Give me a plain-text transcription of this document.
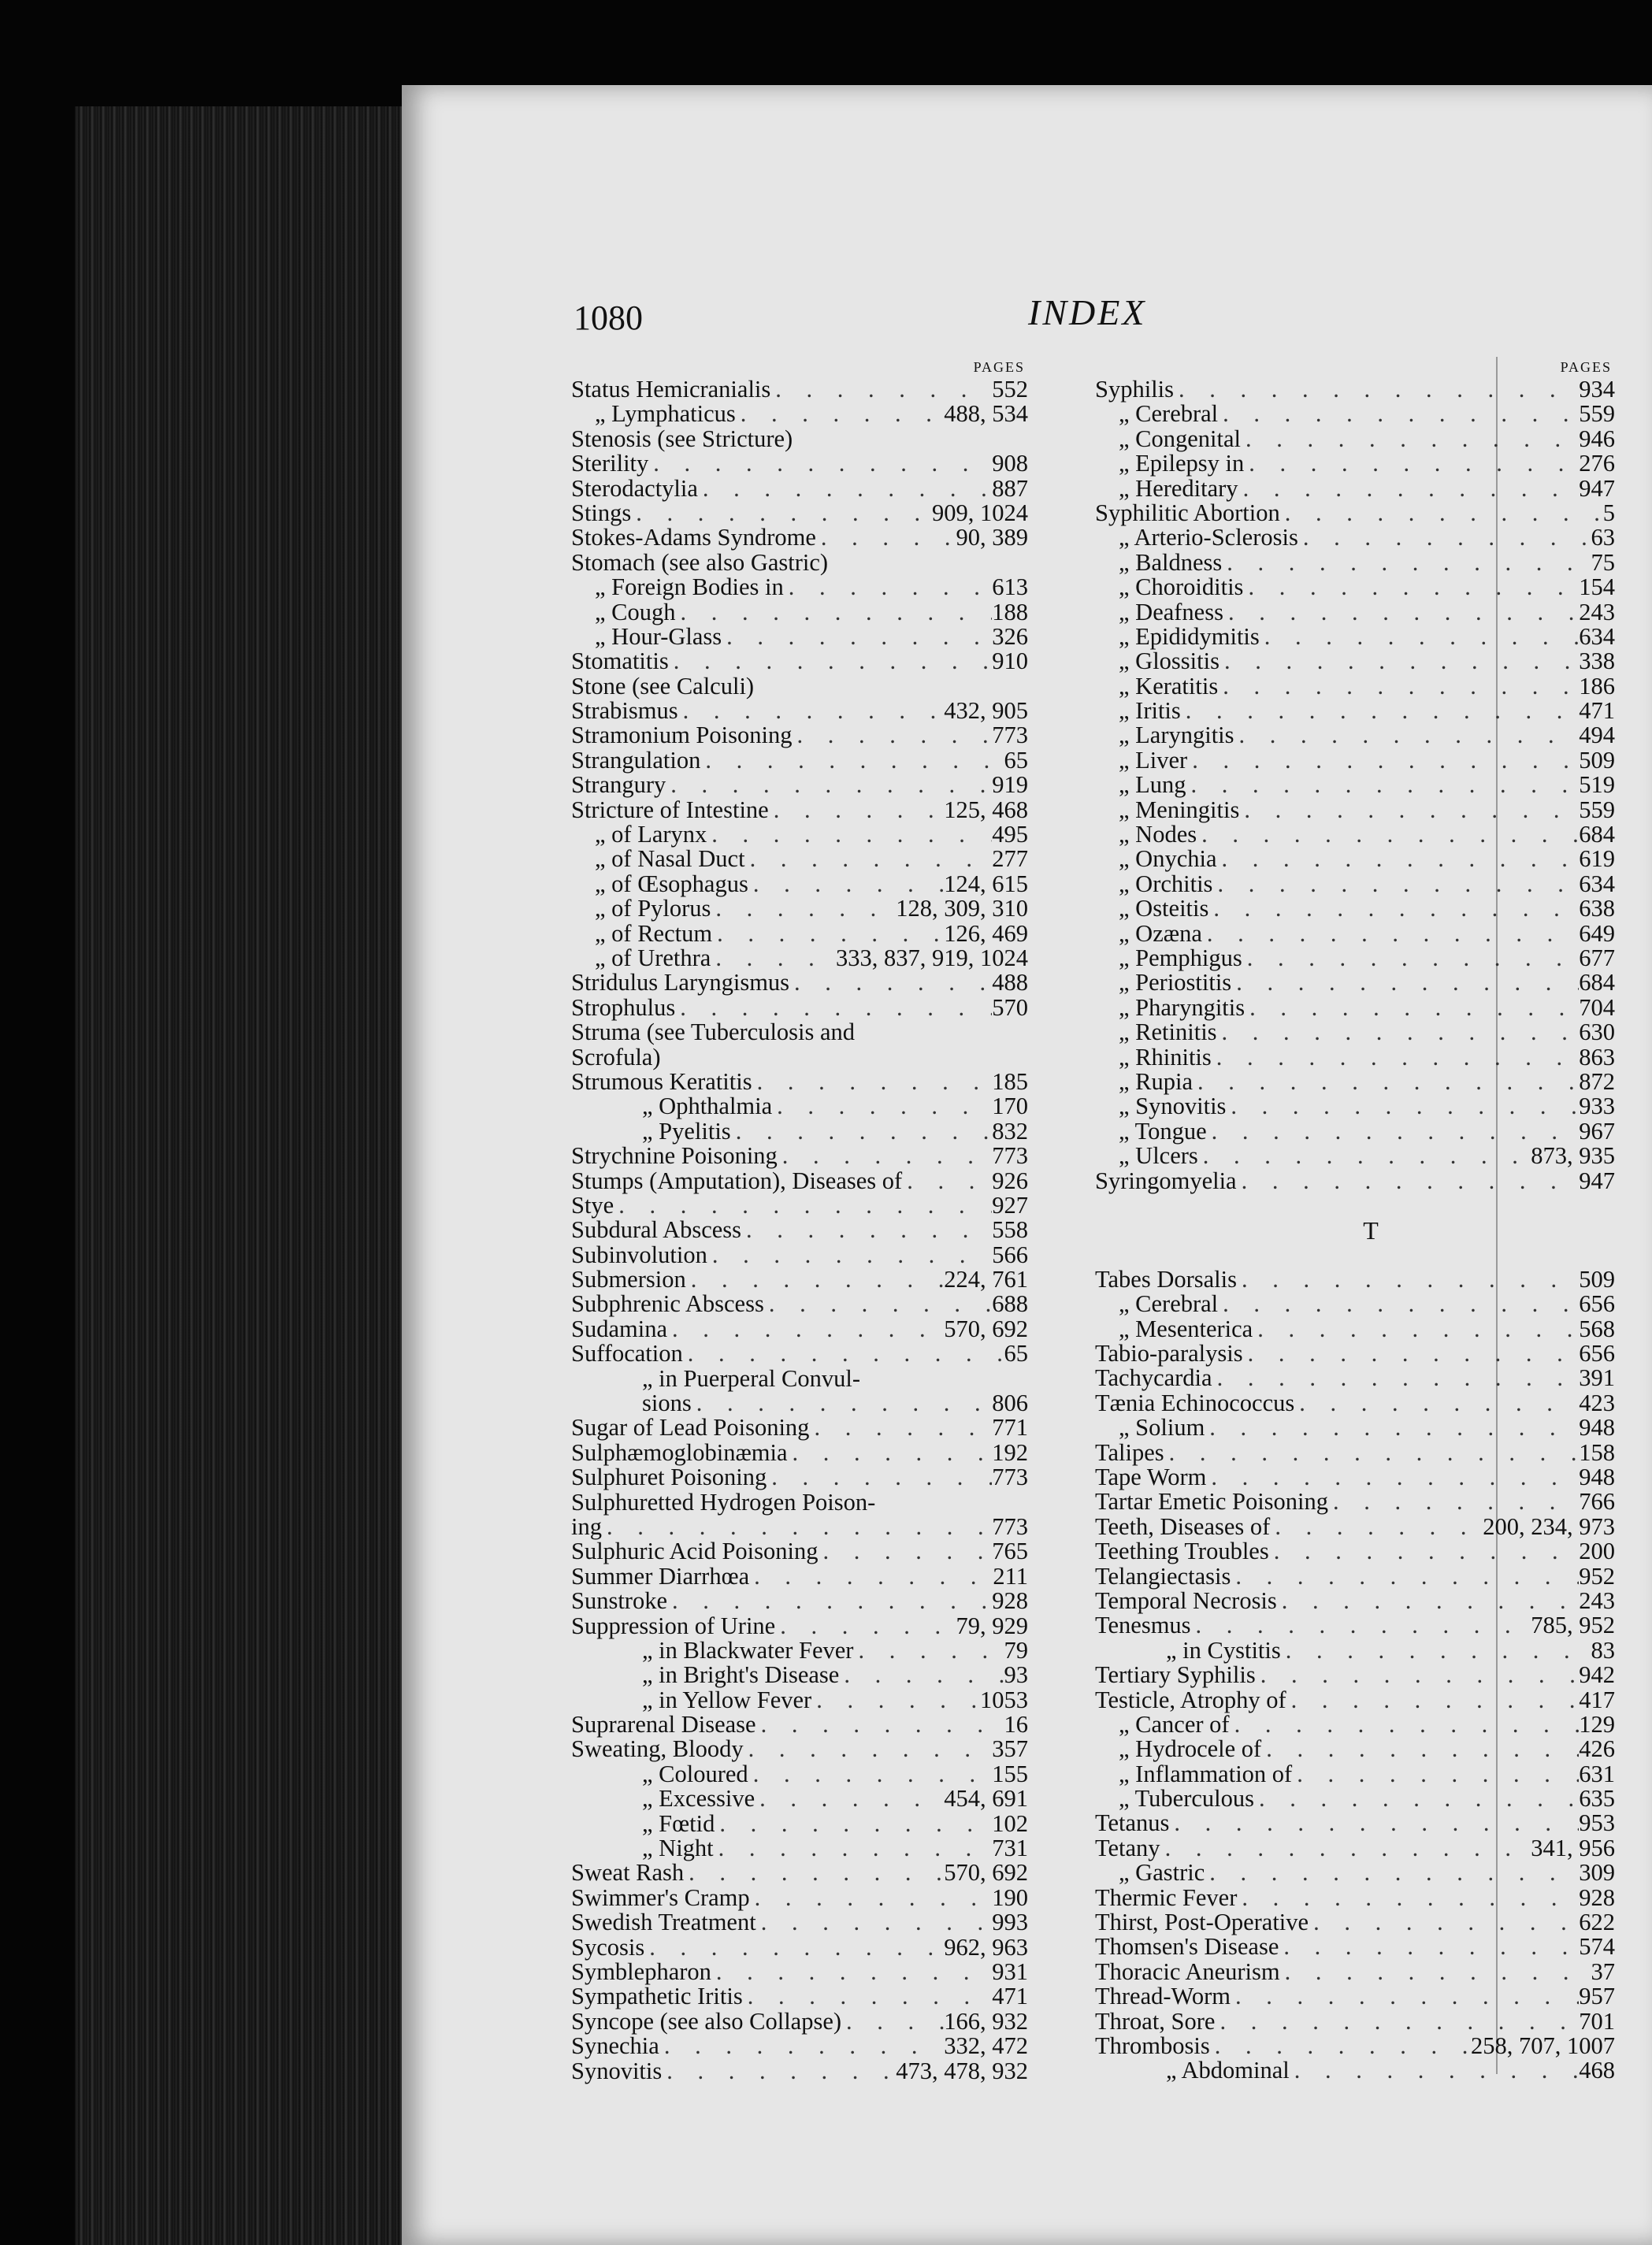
1080	INDEX
PAGES
Status Hemicranialis . . .	552
„ Lymphaticus . . .	488, 534
Stenosis (see Stricture)
Sterility . . .	908
Sterodactylia . . .	887
Stings . . .	909, 1024
Stokes-Adams Syndrome . . .	90, 389
Stomach (see also Gastric)
„ Foreign Bodies in . . .	613
„ Cough . . .	188
„ Hour-Glass . . .	326
Stomatitis . . .	910
Stone (see Calculi)
Strabismus . . .	432, 905
Stramonium Poisoning . . .	773
Strangulation . . .	65
Strangury . . .	919
Stricture of Intestine . . .	125, 468
„ of Larynx . . .	495
„ of Nasal Duct . . .	277
„ of Œsophagus . . .	124, 615
„ of Pylorus . . .	128, 309, 310
„ of Rectum . . .	126, 469
„ of Urethra . . .	333, 837, 919, 1024
Stridulus Laryngismus . . .	488
Strophulus . . .	570
Struma (see Tuberculosis and
Scrofula)
Strumous Keratitis . . .	185
„ Ophthalmia . . .	170
„ Pyelitis . . .	832
Strychnine Poisoning . . .	773
Stumps (Amputation), Diseases of . . .	926
Stye . . .	927
Subdural Abscess . . .	558
Subinvolution . . .	566
Submersion . . .	224, 761
Subphrenic Abscess . . .	688
Sudamina . . .	570, 692
Suffocation . . .	65
„ in Puerperal Convul-
sions . . .	806
Sugar of Lead Poisoning . . .	771
Sulphæmoglobinæmia . . .	192
Sulphuret Poisoning . . .	773
Sulphuretted Hydrogen Poison-
ing . . .	773
Sulphuric Acid Poisoning . . .	765
Summer Diarrhœa . . .	211
Sunstroke . . .	928
Suppression of Urine . . .	79, 929
„ in Blackwater Fever . . .	79
„ in Bright's Disease . . .	93
„ in Yellow Fever . . .	1053
Suprarenal Disease . . .	16
Sweating, Bloody . . .	357
„ Coloured . . .	155
„ Excessive . . .	454, 691
„ Fœtid . . .	102
„ Night . . .	731
Sweat Rash . . .	570, 692
Swimmer's Cramp . . .	190
Swedish Treatment . . .	993
Sycosis . . .	962, 963
Symblepharon . . .	931
Sympathetic Iritis . . .	471
Syncope (see also Collapse) . . .	166, 932
Synechia . . .	332, 472
Synovitis . . .	473, 478, 932
PAGES
Syphilis . . .	934
„ Cerebral . . .	559
„ Congenital . . .	946
„ Epilepsy in . . .	276
„ Hereditary . . .	947
Syphilitic Abortion . . .	5
„ Arterio-Sclerosis . . .	63
„ Baldness . . .	75
„ Choroiditis . . .	154
„ Deafness . . .	243
„ Epididymitis . . .	634
„ Glossitis . . .	338
„ Keratitis . . .	186
„ Iritis . . .	471
„ Laryngitis . . .	494
„ Liver . . .	509
„ Lung . . .	519
„ Meningitis . . .	559
„ Nodes . . .	684
„ Onychia . . .	619
„ Orchitis . . .	634
„ Osteitis . . .	638
„ Ozæna . . .	649
„ Pemphigus . . .	677
„ Periostitis . . .	684
„ Pharyngitis . . .	704
„ Retinitis . . .	630
„ Rhinitis . . .	863
„ Rupia . . .	872
„ Synovitis . . .	933
„ Tongue . . .	967
„ Ulcers . . .	873, 935
Syringomyelia . . .	947
T
Tabes Dorsalis . . .	509
„ Cerebral . . .	656
„ Mesenterica . . .	568
Tabio-paralysis . . .	656
Tachycardia . . .	391
Tænia Echinococcus . . .	423
„ Solium . . .	948
Talipes . . .	158
Tape Worm . . .	948
Tartar Emetic Poisoning . . .	766
Teeth, Diseases of . . .	200, 234, 973
Teething Troubles . . .	200
Telangiectasis . . .	952
Temporal Necrosis . . .	243
Tenesmus . . .	785, 952
„ in Cystitis . . .	83
Tertiary Syphilis . . .	942
Testicle, Atrophy of . . .	417
„ Cancer of . . .	129
„ Hydrocele of . . .	426
„ Inflammation of . . .	631
„ Tuberculous . . .	635
Tetanus . . .	953
Tetany . . .	341, 956
„ Gastric . . .	309
Thermic Fever . . .	928
Thirst, Post-Operative . . .	622
Thomsen's Disease . . .	574
Thoracic Aneurism . . .	37
Thread-Worm . . .	957
Throat, Sore . . .	701
Thrombosis . . .	258, 707, 1007
„ Abdominal . . .	468
